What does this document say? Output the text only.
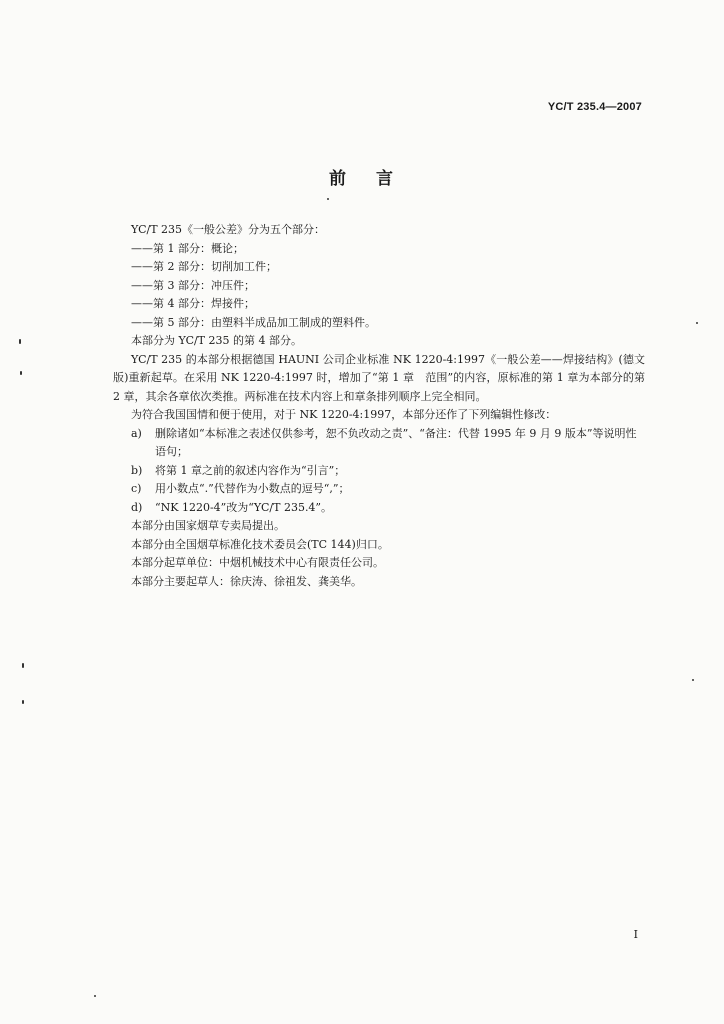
YC/T 235.4—2007
前 言
YC/T 235《一般公差》分为五个部分：
——第 1 部分：概论；
——第 2 部分：切削加工件；
——第 3 部分：冲压件；
——第 4 部分：焊接件；
——第 5 部分：由塑料半成品加工制成的塑料件。
本部分为 YC/T 235 的第 4 部分。
YC/T 235 的本部分根据德国 HAUNI 公司企业标准 NK 1220-4:1997《一般公差——焊接结构》(德文版)重新起草。在采用 NK 1220-4:1997 时，增加了“第 1 章　范围”的内容，原标准的第 1 章为本部分的第 2 章，其余各章依次类推。两标准在技术内容上和章条排列顺序上完全相同。
为符合我国国情和便于使用，对于 NK 1220-4:1997，本部分还作了下列编辑性修改：
a)	删除诸如“本标准之表述仅供参考，恕不负改动之责”、“备注：代替 1995 年 9 月 9 版本”等说明性语句；
b)	将第 1 章之前的叙述内容作为“引言”；
c)	用小数点“.”代替作为小数点的逗号“,”；
d)	“NK 1220-4”改为“YC/T 235.4”。
本部分由国家烟草专卖局提出。
本部分由全国烟草标准化技术委员会(TC 144)归口。
本部分起草单位：中烟机械技术中心有限责任公司。
本部分主要起草人：徐庆涛、徐祖发、龚美华。
I
